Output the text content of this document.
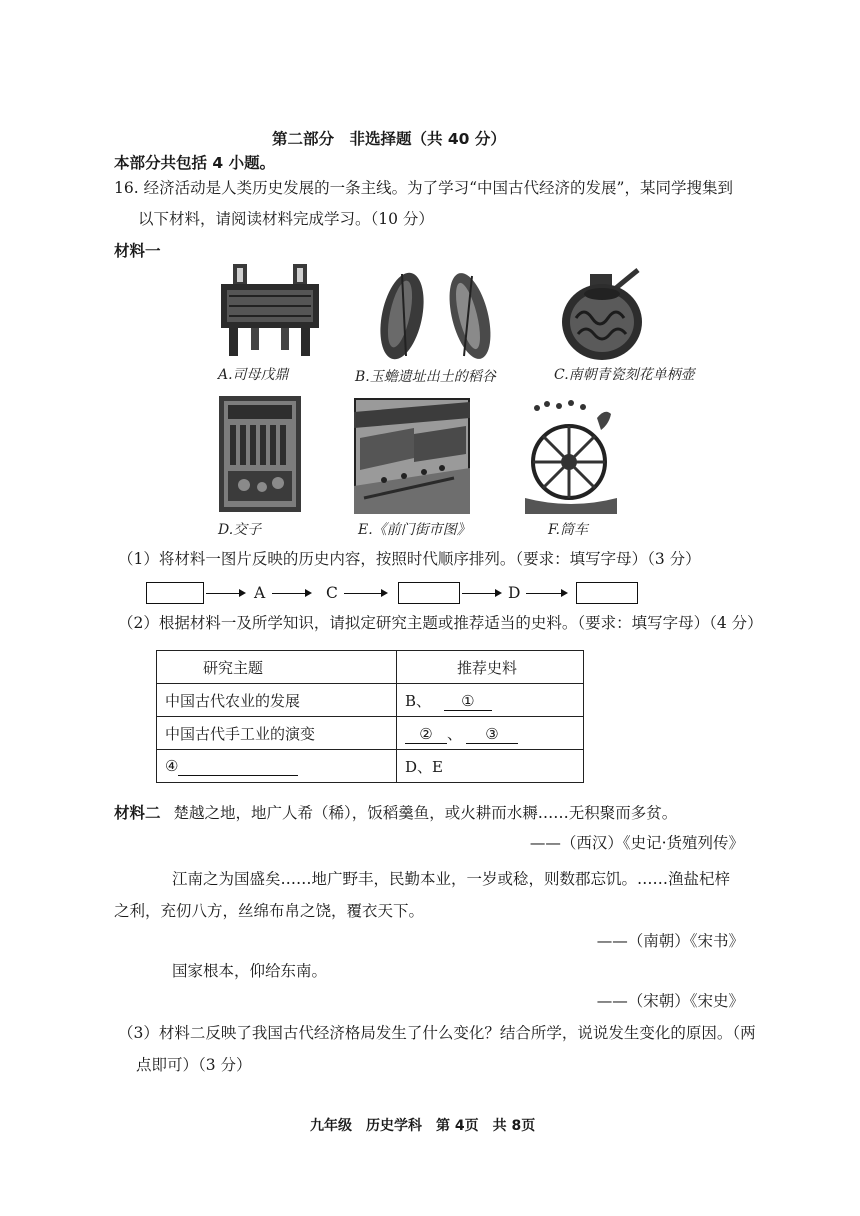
第二部分　非选择题（共 40 分）
本部分共包括 4 小题。
16. 经济活动是人类历史发展的一条主线。为了学习“中国古代经济的发展”，某同学搜集到
以下材料，请阅读材料完成学习。（10 分）
材料一
A.司母戊鼎	B.玉蟾遗址出土的稻谷	C.南朝青瓷刻花单柄壶
D.交子	E.《前门街市图》	F.筒车
（1）将材料一图片反映的历史内容，按照时代顺序排列。（要求：填写字母）（3 分）
A	C	D
（2）根据材料一及所学知识，请拟定研究主题或推荐适当的史料。（要求：填写字母）（4 分）
研究主题	推荐史料
中国古代农业的发展	B、 ①
中国古代手工业的演变	② 、 ③
④	D、E
材料二 楚越之地，地广人希（稀），饭稻羹鱼，或火耕而水耨……无积聚而多贫。
——（西汉）《史记·货殖列传》
江南之为国盛矣……地广野丰，民勤本业，一岁或稔，则数郡忘饥。……渔盐杞梓
之利，充仞八方，丝绵布帛之饶，覆衣天下。
——（南朝）《宋书》
国家根本，仰给东南。
——（宋朝）《宋史》
（3）材料二反映了我国古代经济格局发生了什么变化？结合所学，说说发生变化的原因。（两
点即可）（3 分）
九年级　历史学科　第 4页　共 8页
